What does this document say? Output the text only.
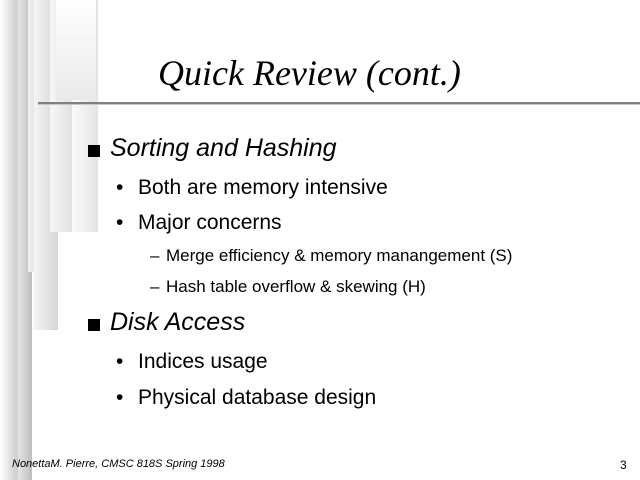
Quick Review (cont.)
Sorting and Hashing
• Both are memory intensive
• Major concerns
– Merge efficiency & memory manangement (S)
– Hash table overflow & skewing (H)
Disk Access
• Indices usage
• Physical database design
NonettaM. Pierre, CMSC 818S Spring 1998	3
